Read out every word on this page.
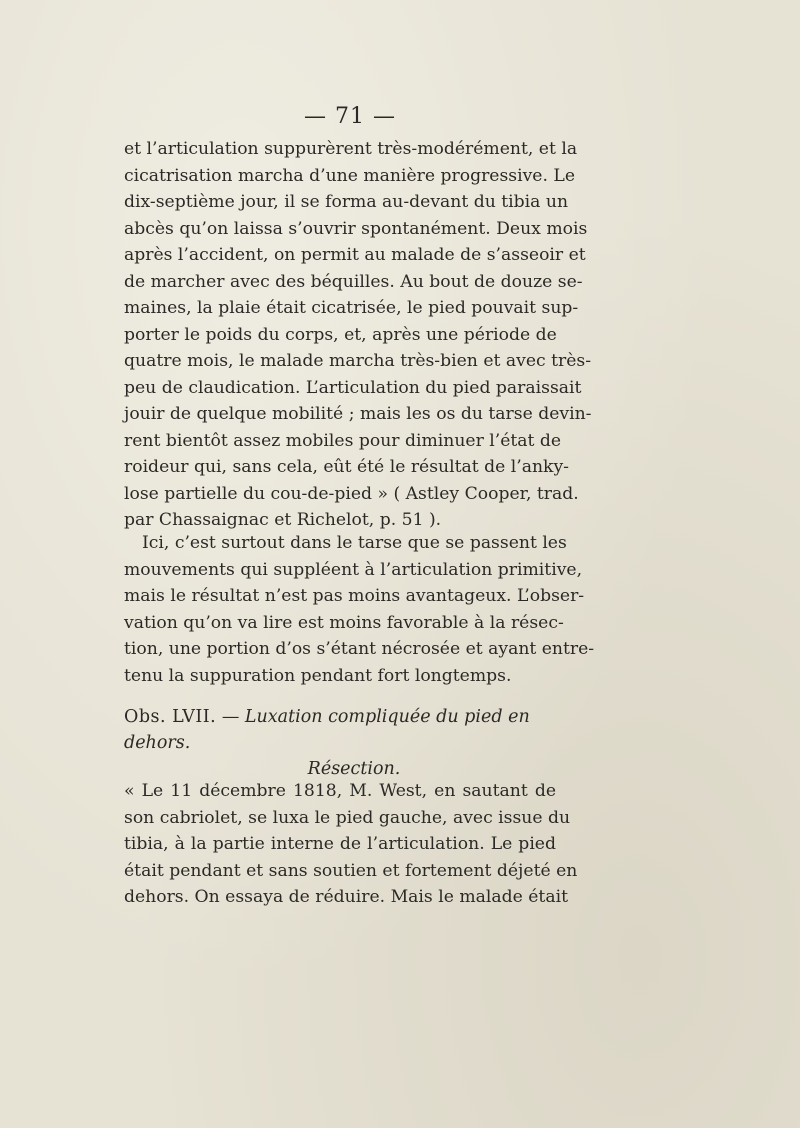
— 71 —
et l’articulation suppurèrent très-modérément, et la
cicatrisation marcha d’une manière progressive. Le
dix-septième jour, il se forma au-devant du tibia un
abcès qu’on laissa s’ouvrir spontanément. Deux mois
après l’accident, on permit au malade de s’asseoir et
de marcher avec des béquilles. Au bout de douze se-
maines, la plaie était cicatrisée, le pied pouvait sup-
porter le poids du corps, et, après une période de
quatre mois, le malade marcha très-bien et avec très-
peu de claudication. L’articulation du pied paraissait
jouir de quelque mobilité ; mais les os du tarse devin-
rent bientôt assez mobiles pour diminuer l’état de
roideur qui, sans cela, eût été le résultat de l’anky-
lose partielle du cou-de-pied » ( Astley Cooper, trad.
par Chassaignac et Richelot, p. 51 ).
Ici, c’est surtout dans le tarse que se passent les
mouvements qui suppléent à l’articulation primitive,
mais le résultat n’est pas moins avantageux. L’obser-
vation qu’on va lire est moins favorable à la résec-
tion, une portion d’os s’étant nécrosée et ayant entre-
tenu la suppuration pendant fort longtemps.
Obs. LVII. — Luxation compliquée du pied en dehors.
Résection.
« Le 11 décembre 1818, M. West, en sautant de
son cabriolet, se luxa le pied gauche, avec issue du
tibia, à la partie interne de l’articulation. Le pied
était pendant et sans soutien et fortement déjeté en
dehors. On essaya de réduire. Mais le malade était
